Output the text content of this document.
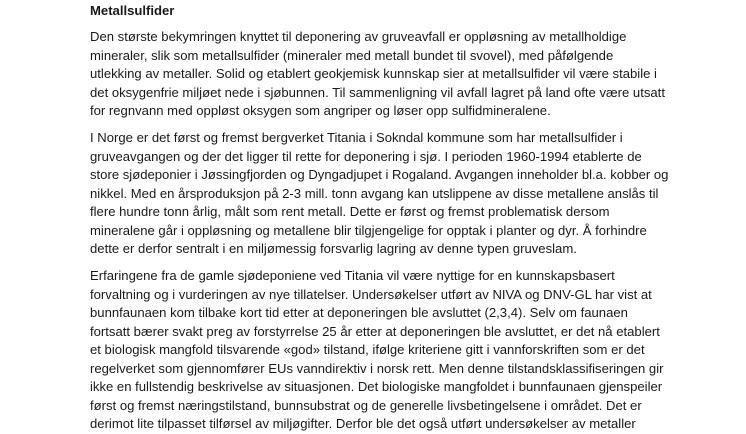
Metallsulfider

Den største bekymringen knyttet til deponering av gruveavfall er oppløsning av metallholdige
mineraler, slik som metallsulfider (mineraler med metall bundet til svovel), med påfølgende
utlekking av metaller. Solid og etablert geokjemisk kunnskap sier at metallsulfider vil være stabile i
det oksygenfrie miljøet nede i sjøbunnen. Til sammenligning vil avfall lagret på land ofte være utsatt
for regnvann med oppløst oksygen som angriper og løser opp sulfidmineralene.

I Norge er det først og fremst bergverket Titania i Sokndal kommune som har metallsulfider i
gruveavgangen og der det ligger til rette for deponering i sjø. I perioden 1960-1994 etablerte de
store sjødeponier i Jøssingfjorden og Dyngadjupet i Rogaland. Avgangen inneholder bl.a. kobber og
nikkel. Med en årsproduksjon på 2-3 mill. tonn avgang kan utslippene av disse metallene anslås til
flere hundre tonn årlig, målt som rent metall. Dette er først og fremst problematisk dersom
mineralene går i oppløsning og metallene blir tilgjengelige for opptak i planter og dyr. Å forhindre
dette er derfor sentralt i en miljømessig forsvarlig lagring av denne typen gruveslam.

Erfaringene fra de gamle sjødeponiene ved Titania vil være nyttige for en kunnskapsbasert
forvaltning og i vurderingen av nye tillatelser. Undersøkelser utført av NIVA og DNV-GL har vist at
bunnfaunaen kom tilbake kort tid etter at deponeringen ble avsluttet (2,3,4). Selv om faunaen
fortsatt bærer svakt preg av forstyrrelse 25 år etter at deponeringen ble avsluttet, er det nå etablert
et biologisk mangfold tilsvarende «god» tilstand, ifølge kriteriene gitt i vannforskriften som er det
regelverket som gjennomfører EUs vanndirektiv i norsk rett. Men denne tilstandsklassifiseringen gir
ikke en fullstendig beskrivelse av situasjonen. Det biologiske mangfoldet i bunnfaunaen gjenspeiler
først og fremst næringstilstand, bunnsubstrat og de generelle livsbetingelsene i området. Det er
derimot lite tilpasset tilførsel av miljøgifter. Derfor ble det også utført undersøkelser av metaller
